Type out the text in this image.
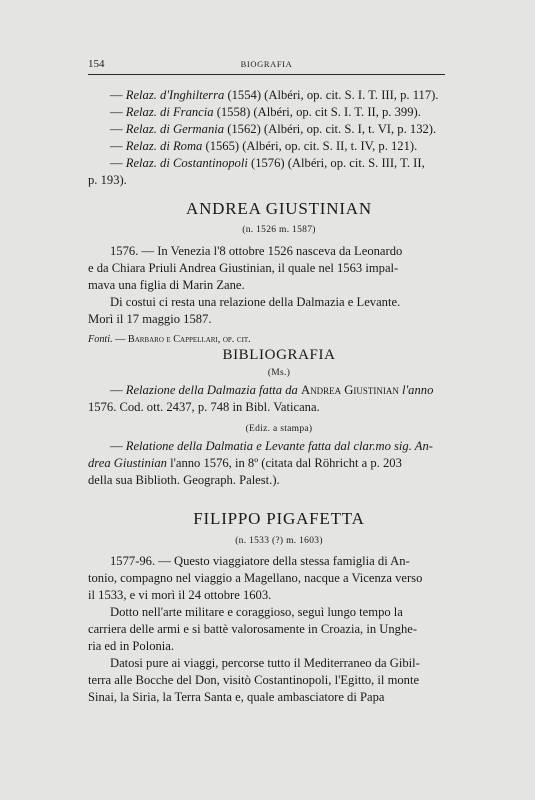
154	BIOGRAFIA
— Relaz. d'Inghilterra (1554) (Albéri, op. cit. S. I. T. III, p. 117).
— Relaz. di Francia (1558) (Albéri, op. cit S. I. T. II, p. 399).
— Relaz. di Germania (1562) (Albéri, op. cit. S. I, t. VI, p. 132).
— Relaz. di Roma (1565) (Albéri, op. cit. S. II, t. IV, p. 121).
— Relaz. di Costantinopoli (1576) (Albéri, op. cit. S. III, T. II,
p. 193).
ANDREA GIUSTINIAN
(n. 1526 m. 1587)
1576. — In Venezia l'8 ottobre 1526 nasceva da Leonardo
e da Chiara Priuli Andrea Giustinian, il quale nel 1563 impal-
mava una figlia di Marin Zane.
Di costui ci resta una relazione della Dalmazia e Levante.
Morì il 17 maggio 1587.
Fonti. — Barbaro e Cappellari, op. cit.
BIBLIOGRAFIA
(Ms.)
— Relazione della Dalmazia fatta da Andrea Giustinian l'anno
1576. Cod. ott. 2437, p. 748 in Bibl. Vaticana.
(Ediz. a stampa)
— Relatione della Dalmatia e Levante fatta dal clar.mo sig. An-
drea Giustinian l'anno 1576, in 8º (citata dal Röhricht a p. 203
della sua Biblioth. Geograph. Palest.).
FILIPPO PIGAFETTA
(n. 1533 (?) m. 1603)
1577-96. — Questo viaggiatore della stessa famiglia di An-
tonio, compagno nel viaggio a Magellano, nacque a Vicenza verso
il 1533, e vi morì il 24 ottobre 1603.
Dotto nell'arte militare e coraggioso, seguì lungo tempo la
carriera delle armi e si battè valorosamente in Croazia, in Unghe-
ria ed in Polonia.
Datosi pure ai viaggi, percorse tutto il Mediterraneo da Gibil-
terra alle Bocche del Don, visitò Costantinopoli, l'Egitto, il monte
Sinai, la Siria, la Terra Santa e, quale ambasciatore di Papa
